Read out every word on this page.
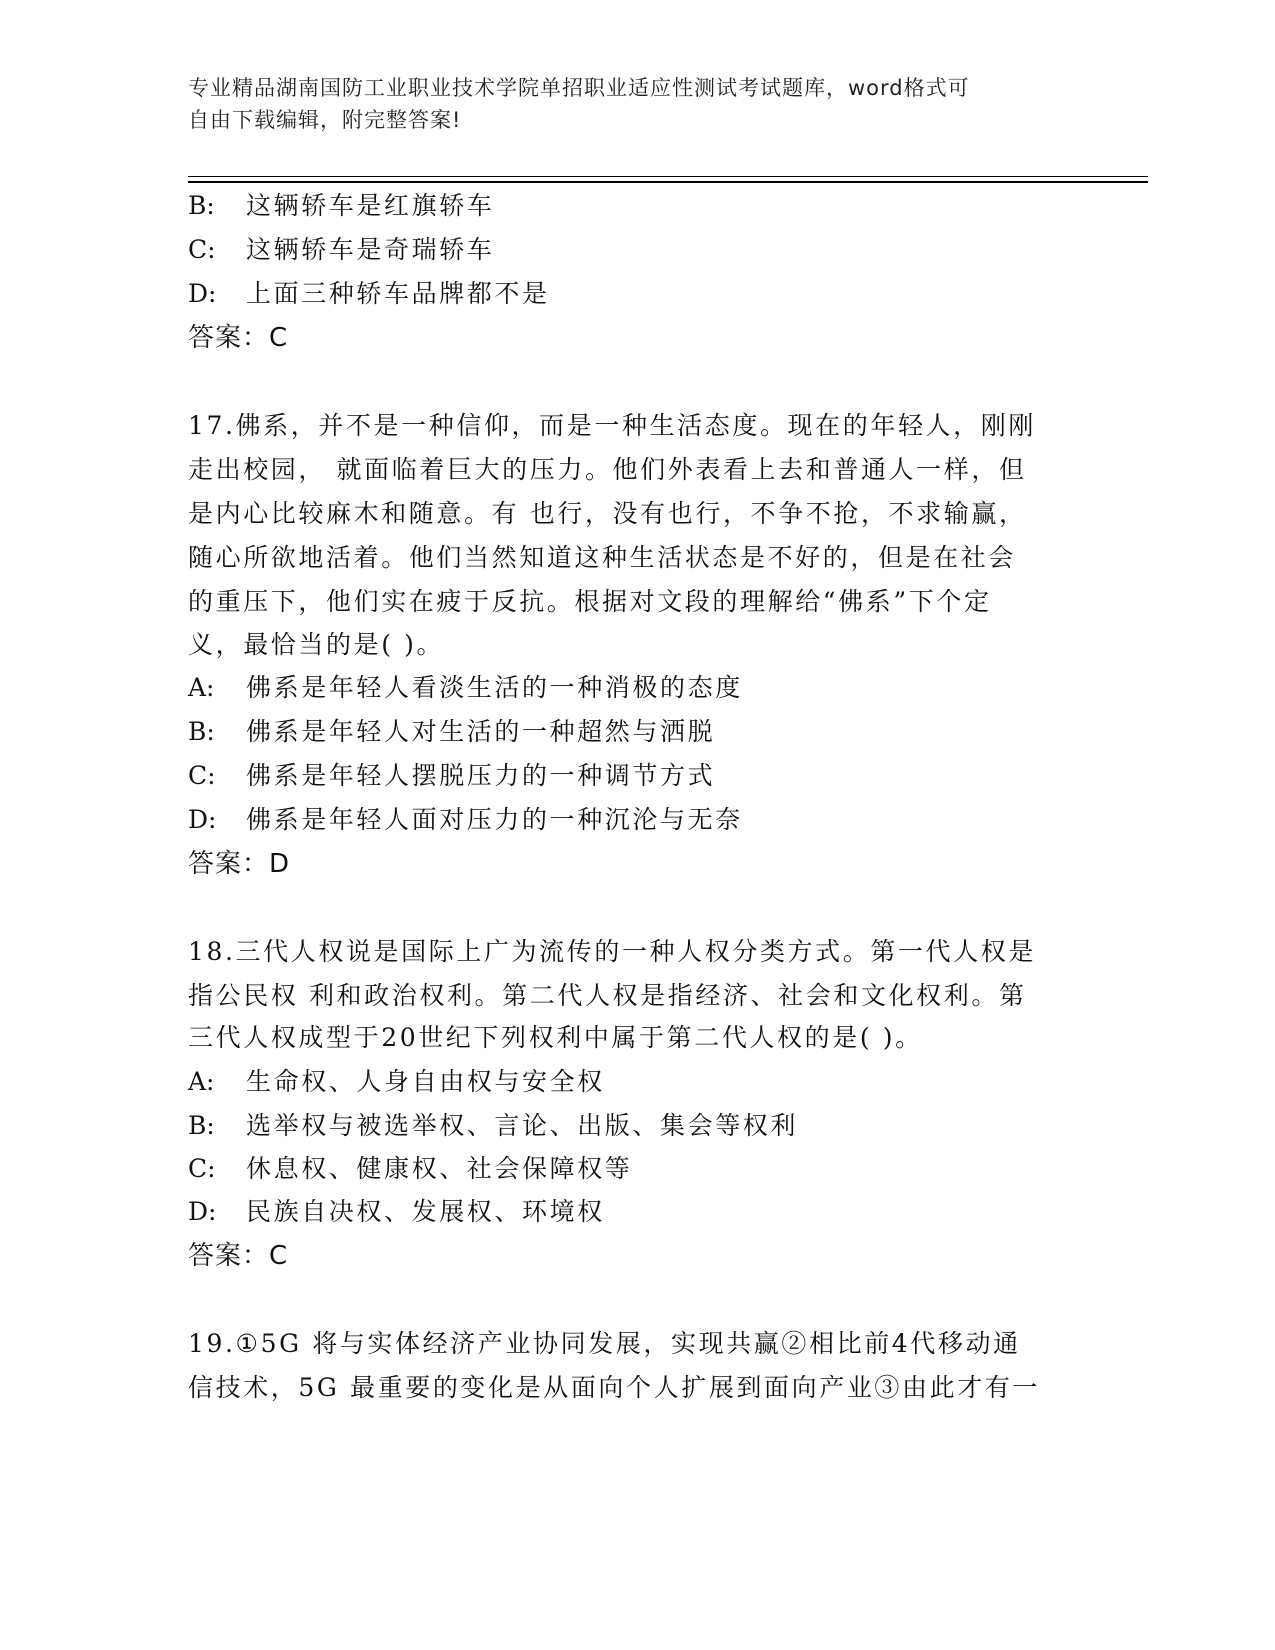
专业精品湖南国防工业职业技术学院单招职业适应性测试考试题库，word格式可
自由下载编辑，附完整答案!
B: 这辆轿车是红旗轿车
C: 这辆轿车是奇瑞轿车
D: 上面三种轿车品牌都不是
答案：C
17.佛系，并不是一种信仰，而是一种生活态度。现在的年轻人，刚刚
走出校园， 就面临着巨大的压力。他们外表看上去和普通人一样，但
是内心比较麻木和随意。有 也行，没有也行，不争不抢，不求输赢，
随心所欲地活着。他们当然知道这种生活状态是不好的，但是在社会
的重压下，他们实在疲于反抗。根据对文段的理解给“佛系”下个定
义，最恰当的是( )。
A: 佛系是年轻人看淡生活的一种消极的态度
B: 佛系是年轻人对生活的一种超然与洒脱
C: 佛系是年轻人摆脱压力的一种调节方式
D: 佛系是年轻人面对压力的一种沉沦与无奈
答案：D
18.三代人权说是国际上广为流传的一种人权分类方式。第一代人权是
指公民权 利和政治权利。第二代人权是指经济、社会和文化权利。第
三代人权成型于20世纪下列权利中属于第二代人权的是( )。
A: 生命权、人身自由权与安全权
B: 选举权与被选举权、言论、出版、集会等权利
C: 休息权、健康权、社会保障权等
D: 民族自决权、发展权、环境权
答案：C
19.①5G 将与实体经济产业协同发展，实现共赢②相比前4代移动通
信技术，5G 最重要的变化是从面向个人扩展到面向产业③由此才有一
